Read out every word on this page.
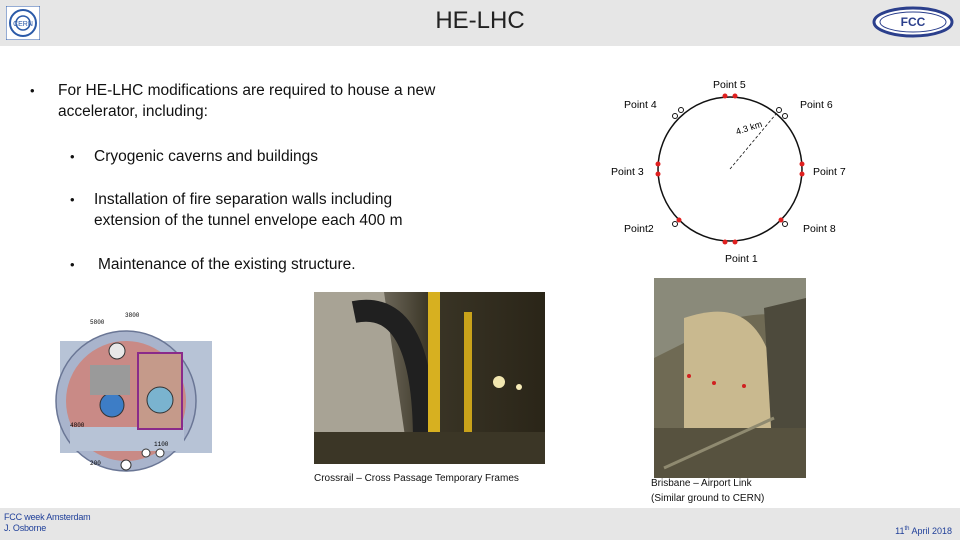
CERN	HE-LHC	FCC
• For HE-LHC modifications are required to house a new accelerator, including:
• Cryogenic caverns and buildings
• Installation of fire separation walls including extension of the tunnel envelope each 400 m
• Maintenance of the existing structure.
4.3 km
Point 5
Point 4	Point 6
Point 3	Point 7
Point2	Point 8
Point 1
5800
3800
4800
1100
200
Crossrail – Cross Passage Temporary Frames	Brisbane – Airport Link
(Similar ground to CERN)
FCC week Amsterdam
J. Osborne	11th April 2018
